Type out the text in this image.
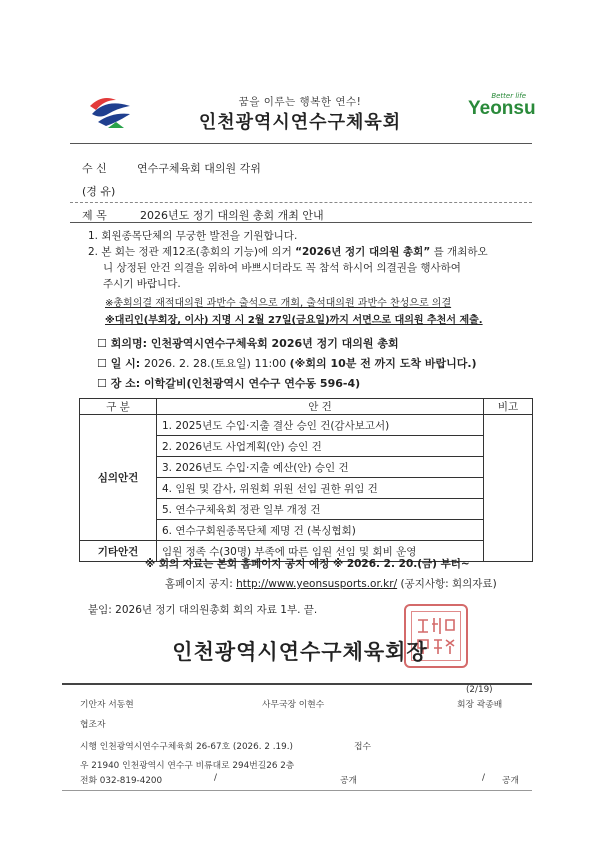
꿈을 이루는 행복한 연수!
인천광역시연수구체육회
Better life
Yeonsu
수 신	연수구체육회 대의원 각위
(경 유)
제 목	2026년도 정기 대의원 총회 개최 안내
1. 회원종목단체의 무궁한 발전을 기원합니다.
2. 본 회는 정관 제12조(총회의 기능)에 의거 “2026년 정기 대의원 총회” 를 개최하오
니 상정된 안건 의결을 위하여 바쁘시더라도 꼭 참석 하시어 의결권을 행사하여
주시기 바랍니다.
※총회의결 재적대의원 과반수 출석으로 개회, 출석대의원 과반수 찬성으로 의결
※대리인(부회장, 이사) 지명 시 2월 27일(금요일)까지 서면으로 대의원 추천서 제출.
☐ 회의명: 인천광역시연수구체육회 2026년 정기 대의원 총회
☐ 일 시: 2026. 2. 28.(토요일) 11:00 (※회의 10분 전 까지 도착 바랍니다.)
☐ 장 소: 이학갈비(인천광역시 연수구 연수동 596-4)
구 분	안 건	비고
심의안건	1. 2025년도 수입·지출 결산 승인 건(감사보고서)	
	2. 2026년도 사업계획(안) 승인 건	
	3. 2026년도 수입·지출 예산(안) 승인 건	
	4. 임원 및 감사, 위원회 위원 선임 권한 위임 건	
	5. 연수구체육회 정관 일부 개정 건	
	6. 연수구회원종목단체 제명 건 (복싱협회)	
기타안건	임원 정족 수(30명) 부족에 따른 임원 선임 및 회비 운영	
※ 회의 자료는 본회 홈페이지 공지 예정 ※ 2026. 2. 20.(금) 부터~
홈페이지 공지: http://www.yeonsusports.or.kr/ (공지사항: 회의자료)
붙임: 2026년 정기 대의원총회 회의 자료 1부. 끝.
인천광역시연수구체육회장
(2/19)
기안자 서동현	사무국장 이현수	회장 곽종배
협조자
시행 인천광역시연수구체육회 26-67호 (2026. 2 .19.)	접수
우 21940 인천광역시 연수구 비류대로 294번길26 2층
전화 032-819-4200	/	공개	/ 공개
